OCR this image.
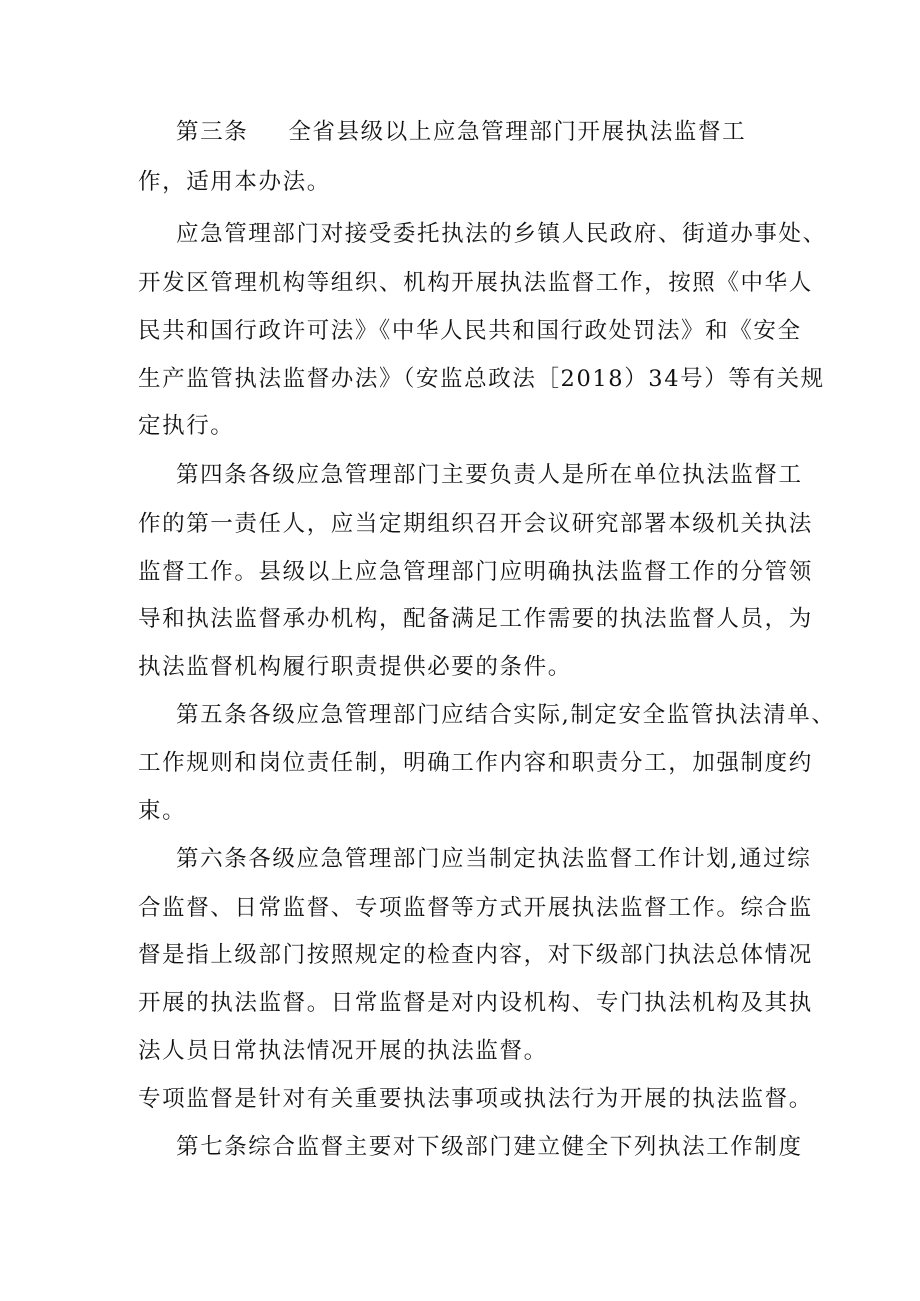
第三条 全省县级以上应急管理部门开展执法监督工
作，适用本办法。
应急管理部门对接受委托执法的乡镇人民政府、街道办事处、
开发区管理机构等组织、机构开展执法监督工作，按照《中华人
民共和国行政许可法》《中华人民共和国行政处罚法》和《安全
生产监管执法监督办法》（安监总政法［2018）34号）等有关规
定执行。
第四条各级应急管理部门主要负责人是所在单位执法监督工
作的第一责任人，应当定期组织召开会议研究部署本级机关执法
监督工作。县级以上应急管理部门应明确执法监督工作的分管领
导和执法监督承办机构，配备满足工作需要的执法监督人员，为
执法监督机构履行职责提供必要的条件。
第五条各级应急管理部门应结合实际,制定安全监管执法清单、
工作规则和岗位责任制，明确工作内容和职责分工，加强制度约
束。
第六条各级应急管理部门应当制定执法监督工作计划,通过综
合监督、日常监督、专项监督等方式开展执法监督工作。综合监
督是指上级部门按照规定的检查内容，对下级部门执法总体情况
开展的执法监督。日常监督是对内设机构、专门执法机构及其执
法人员日常执法情况开展的执法监督。
专项监督是针对有关重要执法事项或执法行为开展的执法监督。
第七条综合监督主要对下级部门建立健全下列执法工作制度
